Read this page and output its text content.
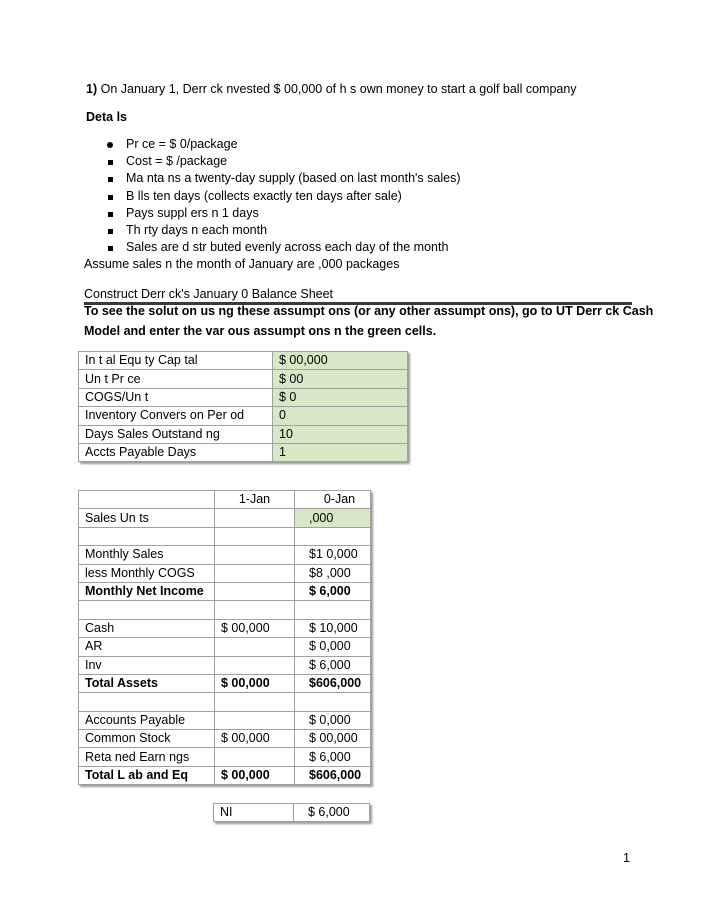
1) On January 1, Derr ck nvested $ 00,000 of h s own money to start a golf ball company
Deta ls
Pr ce = $ 0/package
Cost = $ /package
Ma nta ns a twenty-day supply (based on last month's sales)
B lls ten days (collects exactly ten days after sale)
Pays suppl ers n 1 days
Th rty days n each month
Sales are d str buted evenly across each day of the month
Assume sales n the month of January are ,000 packages
Construct Derr ck's January 0 Balance Sheet
To see the solut on us ng these assumpt ons (or any other assumpt ons), go to UT Derr ck Cash
Model and enter the var ous assumpt ons n the green cells.
In t al Equ ty Cap tal	$ 00,000
Un t Pr ce	$ 00
COGS/Un t	$ 0
Inventory Convers on Per od	0
Days Sales Outstand ng	10
Accts Payable Days	1
	1-Jan	0-Jan
Sales Un ts		,000

Monthly Sales		$1 0,000
less Monthly COGS		$8 ,000
Monthly Net Income		$ 6,000

Cash	$ 00,000	$ 10,000
AR		$ 0,000
Inv		$ 6,000
Total Assets	$ 00,000	$606,000

Accounts Payable		$ 0,000
Common Stock	$ 00,000	$ 00,000
Reta ned Earn ngs		$ 6,000
Total L ab and Eq	$ 00,000	$606,000
NI	$ 6,000
1
